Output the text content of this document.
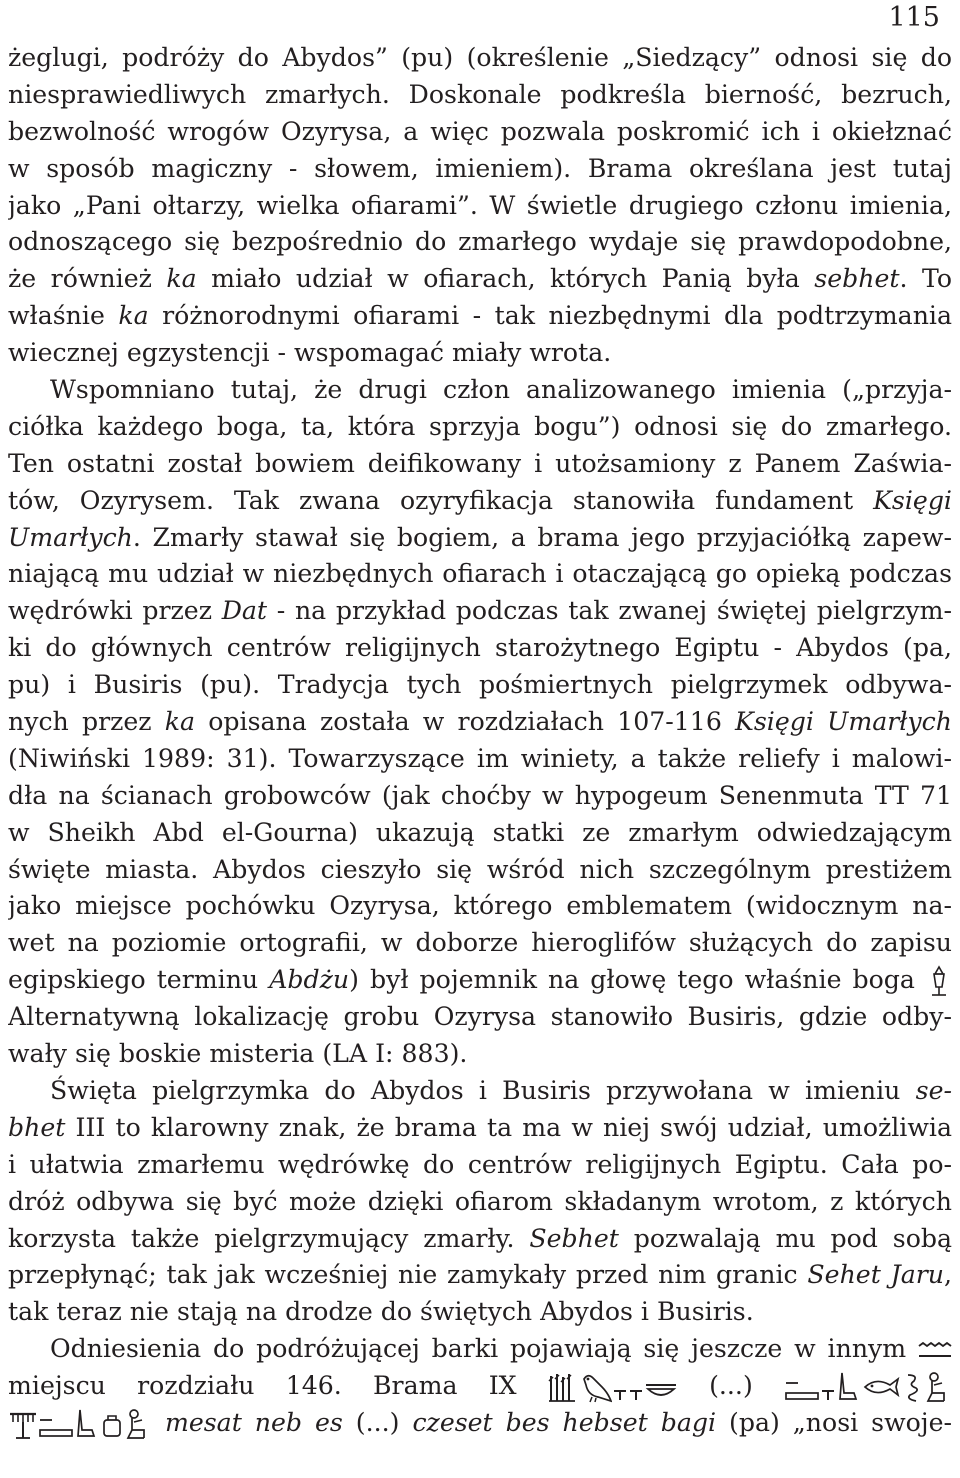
115
żeglugi, podróży do Abydos” (pu) (określenie „Siedzący” odnosi się do
niesprawiedliwych zmarłych. Doskonale podkreśla bierność, bezruch,
bezwolność wrogów Ozyrysa, a więc pozwala poskromić ich i okiełznać
w sposób magiczny - słowem, imieniem). Brama określana jest tutaj
jako „Pani ołtarzy, wielka ofiarami”. W świetle drugiego członu imienia,
odnoszącego się bezpośrednio do zmarłego wydaje się prawdopodobne,
że również ka miało udział w ofiarach, których Panią była sebhet. To
właśnie ka różnorodnymi ofiarami - tak niezbędnymi dla podtrzymania
wiecznej egzystencji - wspomagać miały wrota.
Wspomniano tutaj, że drugi człon analizowanego imienia („przyja-
ciółka każdego boga, ta, która sprzyja bogu”) odnosi się do zmarłego.
Ten ostatni został bowiem deifikowany i utożsamiony z Panem Zaświa-
tów, Ozyrysem. Tak zwana ozyryfikacja stanowiła fundament Księgi
Umarłych. Zmarły stawał się bogiem, a brama jego przyjaciółką zapew-
niającą mu udział w niezbędnych ofiarach i otaczającą go opieką podczas
wędrówki przez Dat - na przykład podczas tak zwanej świętej pielgrzym-
ki do głównych centrów religijnych starożytnego Egiptu - Abydos (pa,
pu) i Busiris (pu). Tradycja tych pośmiertnych pielgrzymek odbywa-
nych przez ka opisana została w rozdziałach 107-116 Księgi Umarłych
(Niwiński 1989: 31). Towarzyszące im winiety, a także reliefy i malowi-
dła na ścianach grobowców (jak choćby w hypogeum Senenmuta TT 71
w Sheikh Abd el-Gourna) ukazują statki ze zmarłym odwiedzającym
święte miasta. Abydos cieszyło się wśród nich szczególnym prestiżem
jako miejsce pochówku Ozyrysa, którego emblematem (widocznym na-
wet na poziomie ortografii, w doborze hieroglifów służących do zapisu
egipskiego terminu Abdżu) był pojemnik na głowę tego właśnie boga
Alternatywną lokalizację grobu Ozyrysa stanowiło Busiris, gdzie odby-
wały się boskie misteria (LA I: 883).
Święta pielgrzymka do Abydos i Busiris przywołana w imieniu se-
bhet III to klarowny znak, że brama ta ma w niej swój udział, umożliwia
i ułatwia zmarłemu wędrówkę do centrów religijnych Egiptu. Cała po-
dróż odbywa się być może dzięki ofiarom składanym wrotom, z których
korzysta także pielgrzymujący zmarły. Sebhet pozwalają mu pod sobą
przepłynąć; tak jak wcześniej nie zamykały przed nim granic Sehet Jaru,
tak teraz nie stają na drodze do świętych Abydos i Busiris.
Odniesienia do podróżującej barki pojawiają się jeszcze w innym
miejscu rozdziału 146. Brama IX	(...)
mesat neb es (...) czeset bes hebset bagi (pa) „nosi swoje-
